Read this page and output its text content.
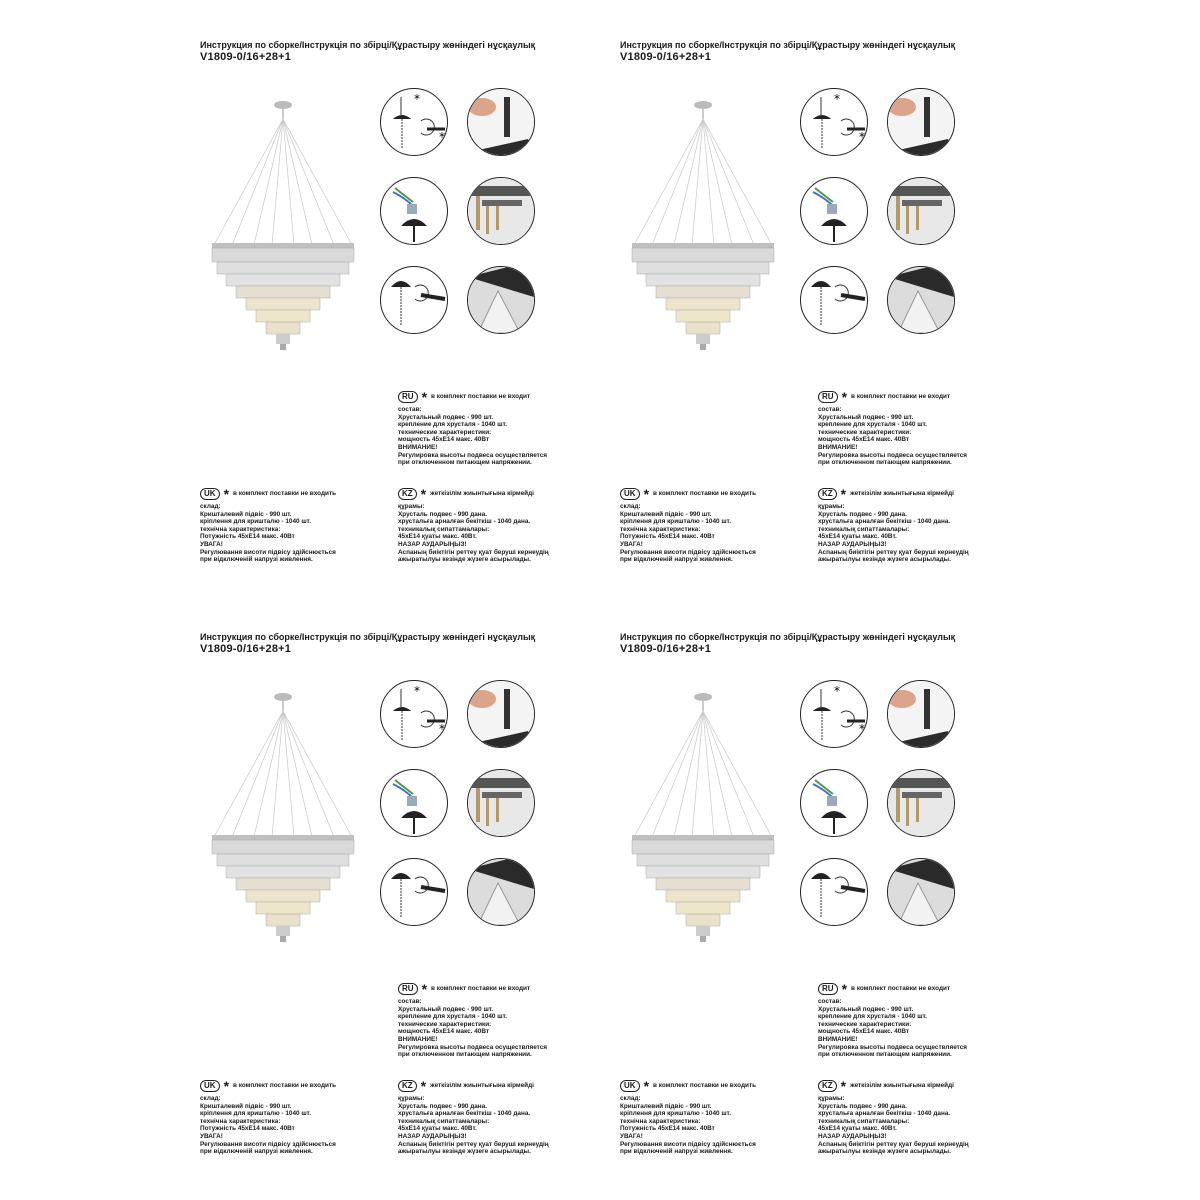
Инструкция по сборке/Інструкція по збірці/Құрастыру жөніндегі нұсқаулық
V1809-0/16+28+1
*
*
RU * в комплект поставки не входит
состав:
Хрустальный подвес - 990 шт.
крепление для хрусталя - 1040 шт.
технические характеристики:
мощность 45хЕ14 макс. 40Вт
ВНИМАНИЕ!
Регулировка высоты подвеса осуществляется
при отключенном питающем напряжении.
UK * в комплект поставки не входить
склад:
Кришталевий підвіс - 990 шт.
кріплення для кришталю - 1040 шт.
технічна характеристика:
Потужність 45хЕ14 макс. 40Вт
УВАГА!
Регулювання висоти підвісу здійснюється
при відключеній напрузі живлення.
KZ * жеткізілім жиынтығына кірмейді
құрамы:
Хрусталь подвес - 990 дана.
хрустальға арналған бекіткіш - 1040 дана.
техникалық сипаттамалары:
45хЕ14 қуаты макс. 40Вт.
НАЗАР АУДАРЫҢЫЗ!
Аспаның биіктігін реттеу қуат беруші кернеудің
ажыратылуы кезінде жүзеге асырылады.
Инструкция по сборке/Інструкція по збірці/Құрастыру жөніндегі нұсқаулық
V1809-0/16+28+1
*
*
RU * в комплект поставки не входит
состав:
Хрустальный подвес - 990 шт.
крепление для хрусталя - 1040 шт.
технические характеристики:
мощность 45хЕ14 макс. 40Вт
ВНИМАНИЕ!
Регулировка высоты подвеса осуществляется
при отключенном питающем напряжении.
UK * в комплект поставки не входить
склад:
Кришталевий підвіс - 990 шт.
кріплення для кришталю - 1040 шт.
технічна характеристика:
Потужність 45хЕ14 макс. 40Вт
УВАГА!
Регулювання висоти підвісу здійснюється
при відключеній напрузі живлення.
KZ * жеткізілім жиынтығына кірмейді
құрамы:
Хрусталь подвес - 990 дана.
хрустальға арналған бекіткіш - 1040 дана.
техникалық сипаттамалары:
45хЕ14 қуаты макс. 40Вт.
НАЗАР АУДАРЫҢЫЗ!
Аспаның биіктігін реттеу қуат беруші кернеудің
ажыратылуы кезінде жүзеге асырылады.
Инструкция по сборке/Інструкція по збірці/Құрастыру жөніндегі нұсқаулық
V1809-0/16+28+1
*
*
RU * в комплект поставки не входит
состав:
Хрустальный подвес - 990 шт.
крепление для хрусталя - 1040 шт.
технические характеристики:
мощность 45хЕ14 макс. 40Вт
ВНИМАНИЕ!
Регулировка высоты подвеса осуществляется
при отключенном питающем напряжении.
UK * в комплект поставки не входить
склад:
Кришталевий підвіс - 990 шт.
кріплення для кришталю - 1040 шт.
технічна характеристика:
Потужність 45хЕ14 макс. 40Вт
УВАГА!
Регулювання висоти підвісу здійснюється
при відключеній напрузі живлення.
KZ * жеткізілім жиынтығына кірмейді
құрамы:
Хрусталь подвес - 990 дана.
хрустальға арналған бекіткіш - 1040 дана.
техникалық сипаттамалары:
45хЕ14 қуаты макс. 40Вт.
НАЗАР АУДАРЫҢЫЗ!
Аспаның биіктігін реттеу қуат беруші кернеудің
ажыратылуы кезінде жүзеге асырылады.
Инструкция по сборке/Інструкція по збірці/Құрастыру жөніндегі нұсқаулық
V1809-0/16+28+1
*
*
RU * в комплект поставки не входит
состав:
Хрустальный подвес - 990 шт.
крепление для хрусталя - 1040 шт.
технические характеристики:
мощность 45хЕ14 макс. 40Вт
ВНИМАНИЕ!
Регулировка высоты подвеса осуществляется
при отключенном питающем напряжении.
UK * в комплект поставки не входить
склад:
Кришталевий підвіс - 990 шт.
кріплення для кришталю - 1040 шт.
технічна характеристика:
Потужність 45хЕ14 макс. 40Вт
УВАГА!
Регулювання висоти підвісу здійснюється
при відключеній напрузі живлення.
KZ * жеткізілім жиынтығына кірмейді
құрамы:
Хрусталь подвес - 990 дана.
хрустальға арналған бекіткіш - 1040 дана.
техникалық сипаттамалары:
45хЕ14 қуаты макс. 40Вт.
НАЗАР АУДАРЫҢЫЗ!
Аспаның биіктігін реттеу қуат беруші кернеудің
ажыратылуы кезінде жүзеге асырылады.
